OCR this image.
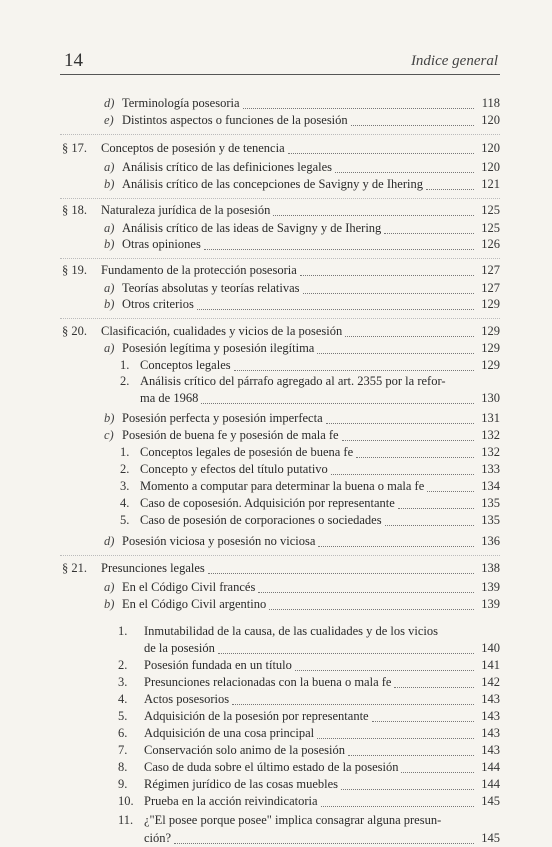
14	Indice general
d) Terminología posesoria	118
e) Distintos aspectos o funciones de la posesión	120
§ 17. Conceptos de posesión y de tenencia	120
a) Análisis crítico de las definiciones legales	120
b) Análisis crítico de las concepciones de Savigny y de Ihering	121
§ 18. Naturaleza jurídica de la posesión	125
a) Análisis crítico de las ideas de Savigny y de Ihering	125
b) Otras opiniones	126
§ 19. Fundamento de la protección posesoria	127
a) Teorías absolutas y teorías relativas	127
b) Otros criterios	129
§ 20. Clasificación, cualidades y vicios de la posesión	129
a) Posesión legítima y posesión ilegítima	129
1. Conceptos legales	129
2. Análisis crítico del párrafo agregado al art. 2355 por la refor-
ma de 1968	130
b) Posesión perfecta y posesión imperfecta	131
c) Posesión de buena fe y posesión de mala fe	132
1. Conceptos legales de posesión de buena fe	132
2. Concepto y efectos del título putativo	133
3. Momento a computar para determinar la buena o mala fe	134
4. Caso de coposesión. Adquisición por representante	135
5. Caso de posesión de corporaciones o sociedades	135
d) Posesión viciosa y posesión no viciosa	136
§ 21. Presunciones legales	138
a) En el Código Civil francés	139
b) En el Código Civil argentino	139
1. Inmutabilidad de la causa, de las cualidades y de los vicios
de la posesión	140
2. Posesión fundada en un título	141
3. Presunciones relacionadas con la buena o mala fe	142
4. Actos posesorios	143
5. Adquisición de la posesión por representante	143
6. Adquisición de una cosa principal	143
7. Conservación solo animo de la posesión	143
8. Caso de duda sobre el último estado de la posesión	144
9. Régimen jurídico de las cosas muebles	144
10. Prueba en la acción reivindicatoria	145
11. ¿"El posee porque posee" implica consagrar alguna presun-
ción?	145
